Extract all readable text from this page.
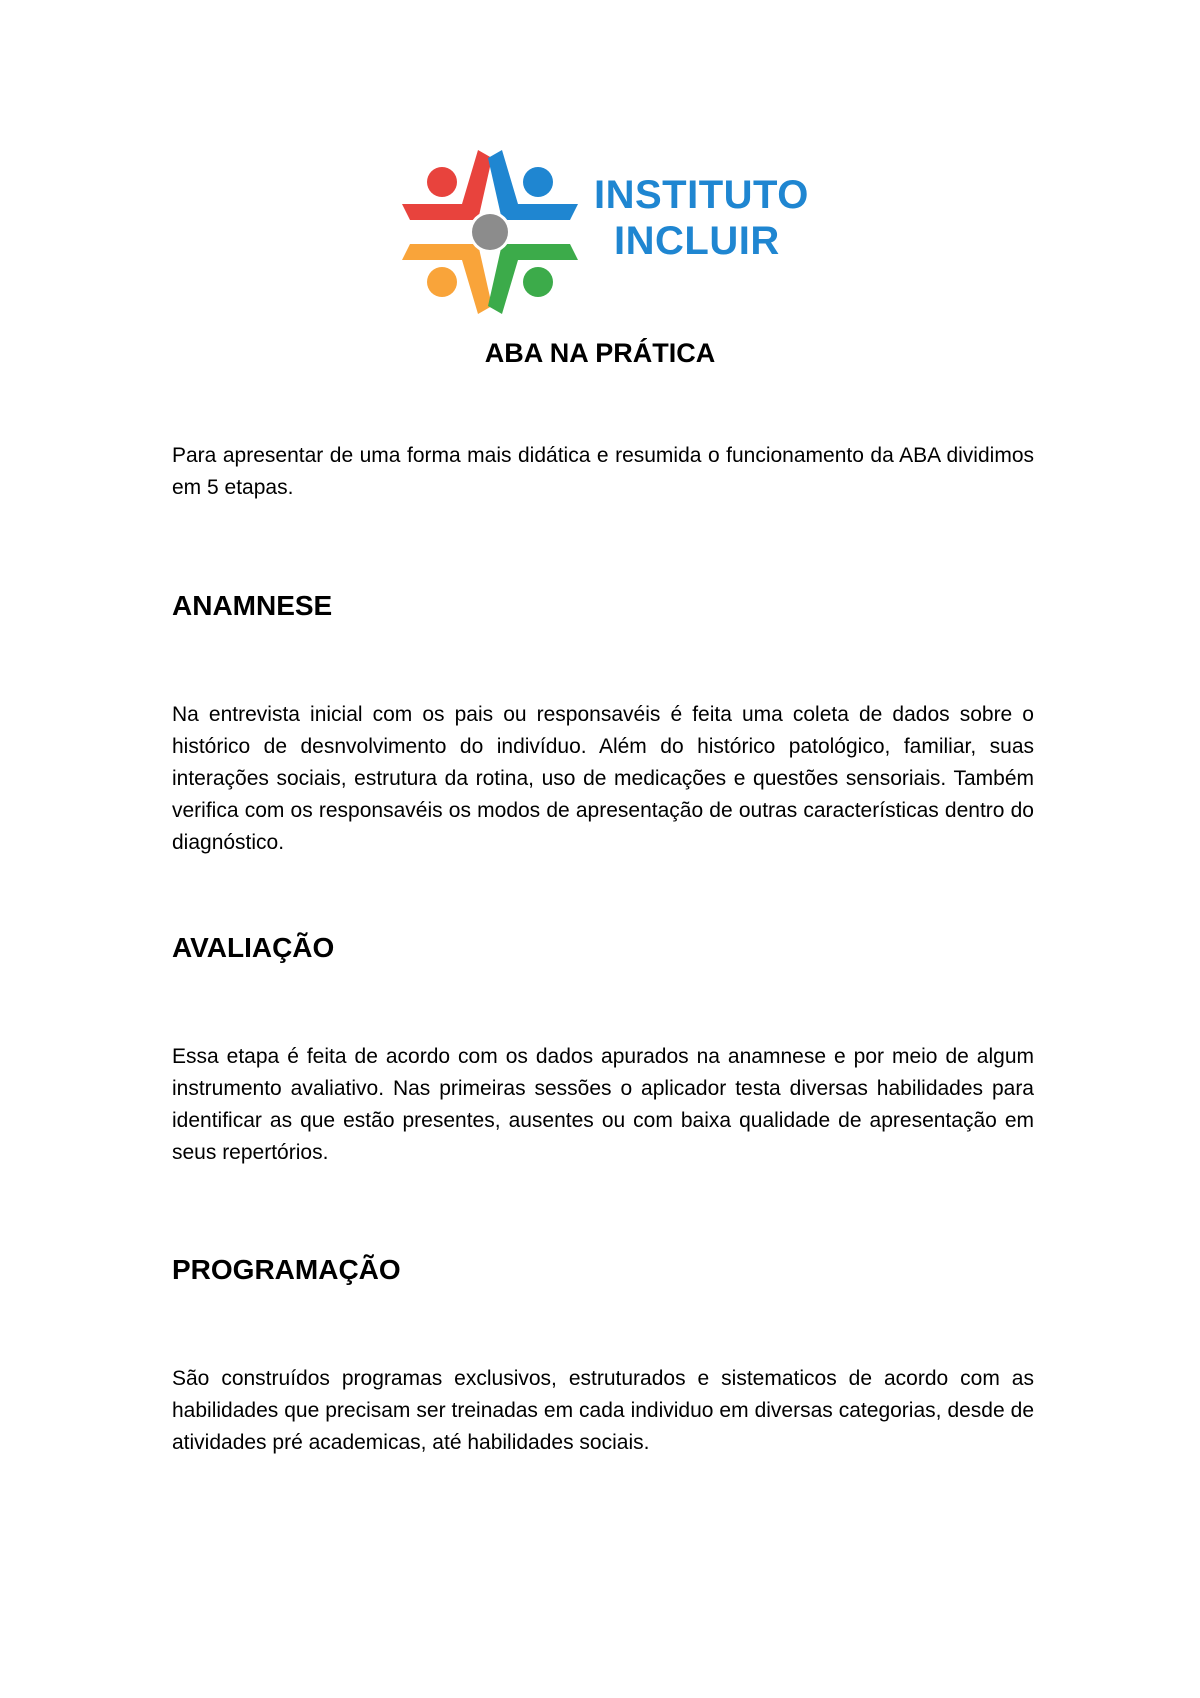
INSTITUTO
INCLUIR
ABA NA PRÁTICA

Para apresentar de uma forma mais didática e resumida o funcionamento da ABA dividimos em 5 etapas.

ANAMNESE

Na entrevista inicial com os pais ou responsavéis é feita uma coleta de dados sobre o histórico de desnvolvimento do indivíduo. Além do histórico patológico, familiar, suas interações sociais, estrutura da rotina, uso de medicações e questões sensoriais. Também verifica com os responsavéis os modos de apresentação de outras características dentro do diagnóstico.

AVALIAÇÃO

Essa etapa é feita de acordo com os dados apurados na anamnese e por meio de algum instrumento avaliativo. Nas primeiras sessões o aplicador testa diversas habilidades para identificar as que estão presentes, ausentes ou com baixa qualidade de apresentação em seus repertórios.

PROGRAMAÇÃO

São construídos programas exclusivos, estruturados e sistematicos de acordo com as habilidades que precisam ser treinadas em cada individuo em diversas categorias, desde de atividades pré academicas, até habilidades sociais.
